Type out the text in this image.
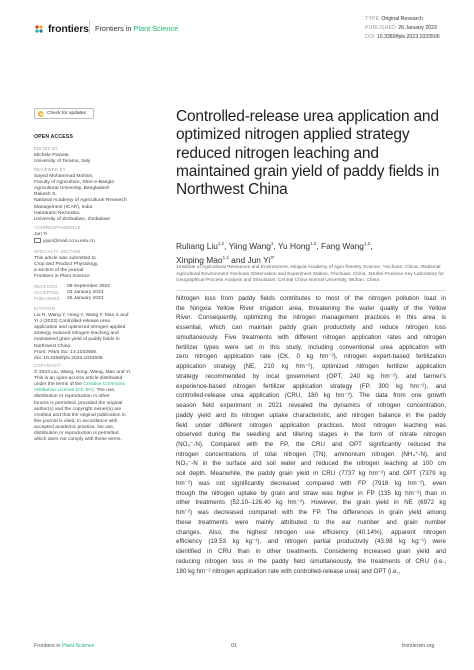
frontiers Frontiers in Plant Science
TYPE Original Research
PUBLISHED 26 January 2023
DOI 10.3389/fpls.2023.1033506
Check for updates
OPEN ACCESS
EDITED BY
Michele Pisante,
University of Teramo, Italy
REVIEWED BY
Sayed Mohammad Mohsin,
Faculty of Agriculture, Sher-e-Bangla
Agricultural University, Bangladesh
Rakesh S,
National Academy of Agricultural Research
Management (ICAR), India
Hatirarami Nezomba,
University of Zimbabwe, Zimbabwe
*CORRESPONDENCE
Jun Yi
yijun@mail.ccnu.edu.cn
SPECIALTY SECTION
This article was submitted to
Crop and Product Physiology,
a section of the journal
Frontiers in Plant Science
RECEIVED	08 September 2022
ACCEPTED	03 January 2023
PUBLISHED	26 January 2023
CITATION
Liu R, Wang Y, Hong Y, Wang F, Mao X and
Yi J (2023) Controlled-release urea
application and optimized nitrogen applied
strategy reduced nitrogen leaching and
maintained grain yield of paddy fields in
Northwest China.
Front. Plant Sci. 14:1033506.
doi: 10.3389/fpls.2023.1033506
COPYRIGHT
© 2023 Liu, Wang, Hong, Wang, Mao and Yi.
This is an open-access article distributed
under the terms of the Creative Commons
Attribution License (CC BY). The use,
distribution or reproduction in other
forums is permitted, provided the original
author(s) and the copyright owner(s) are
credited and that the original publication in
this journal is cited, in accordance with
accepted academic practice. No use,
distribution or reproduction is permitted
which does not comply with these terms.
Controlled-release urea application and optimized nitrogen applied strategy reduced nitrogen leaching and maintained grain yield of paddy fields in Northwest China
Ruliang Liu$^{1,2}$, Yiing Wang$^1$, Yu Hong$^{1,2}$, Fang Wang$^{1,2}$,
Xinping Mao$^{1,2}$ and Jun $Yi^{3*}$
1Institute of Agricultural Resources and Environment, Ningxia Academy of Agro-forestry Science, Yinchuan, China, 2National Agricultural Environment Yinchuan Observation and Experiment Station, Yinchuan, China, 3Hubei Province Key Laboratory for Geographical Process Analysis and Simulation, Central China Normal University, Wuhan, China
Nitrogen loss from paddy fields contributes to most of the nitrogen pollution load in
the Ningxia Yellow River irrigation area, threatening the water quality of the Yellow
River. Consequently, optimizing the nitrogen management practices in this area is
essential, which can maintain paddy grain productivity and reduce nitrogen loss
simultaneously. Five treatments with different nitrogen application rates and nitrogen
fertilizer types were set in this study, including conventional urea application with
zero nitrogen application rate (CK, 0 kg hm⁻²), nitrogen expert-based fertilization
application strategy (NE, 210 kg hm⁻²), optimized nitrogen fertilizer application
strategy recommended by local government (OPT, 240 kg hm⁻²), and farmer's
experience-based nitrogen fertilizer application strategy (FP, 300 kg hm⁻²), and
controlled-release urea application (CRU, 180 kg hm⁻²). The data from one growth
season field experiment in 2021 revealed the dynamics of nitrogen concentration,
paddy yield and its nitrogen uptake characteristic, and nitrogen balance in the paddy
field under different nitrogen application practices. Most nitrogen leaching was
observed during the seedling and tillering stages in the form of nitrate nitrogen
(NO₃⁻-N). Compared with the FP, the CRU and OPT significantly reduced the
nitrogen concentrations of total nitrogen (TN), ammonium nitrogen (NH₄⁺-N), and
NO₃⁻-N in the surface and soil water and reduced the nitrogen leaching at 100 cm
soil depth. Meanwhile, the paddy grain yield in CRU (7737 kg hm⁻²) and OPT (7379 kg
hm⁻²) was not significantly decreased compared with FP (7918 kg hm⁻²), even
though the nitrogen uptake by grain and straw was higher in FP (135 kg hm⁻²) than in
other treatments (52.10–126.40 kg hm⁻²). However, the grain yield in NE (6972 kg
hm⁻²) was decreased compared with the FP. The differences in grain yield among
these treatments were mainly attributed to the ear number and grain number
changes. Also, the highest nitrogen use efficiency (40.14%), apparent nitrogen
efficiency (19.53 kg kg⁻¹), and nitrogen partial productivity (43.98 kg kg⁻¹) were
identified in CRU than in other treatments. Considering increased grain yield and
reducing nitrogen loss in the paddy field simultaneously, the treatments of CRU (i.e.,
180 kg hm⁻² nitrogen application rate with controlled-release urea) and OPT (i.e.,
Frontiers in Plant Science	01	frontiersin.org
